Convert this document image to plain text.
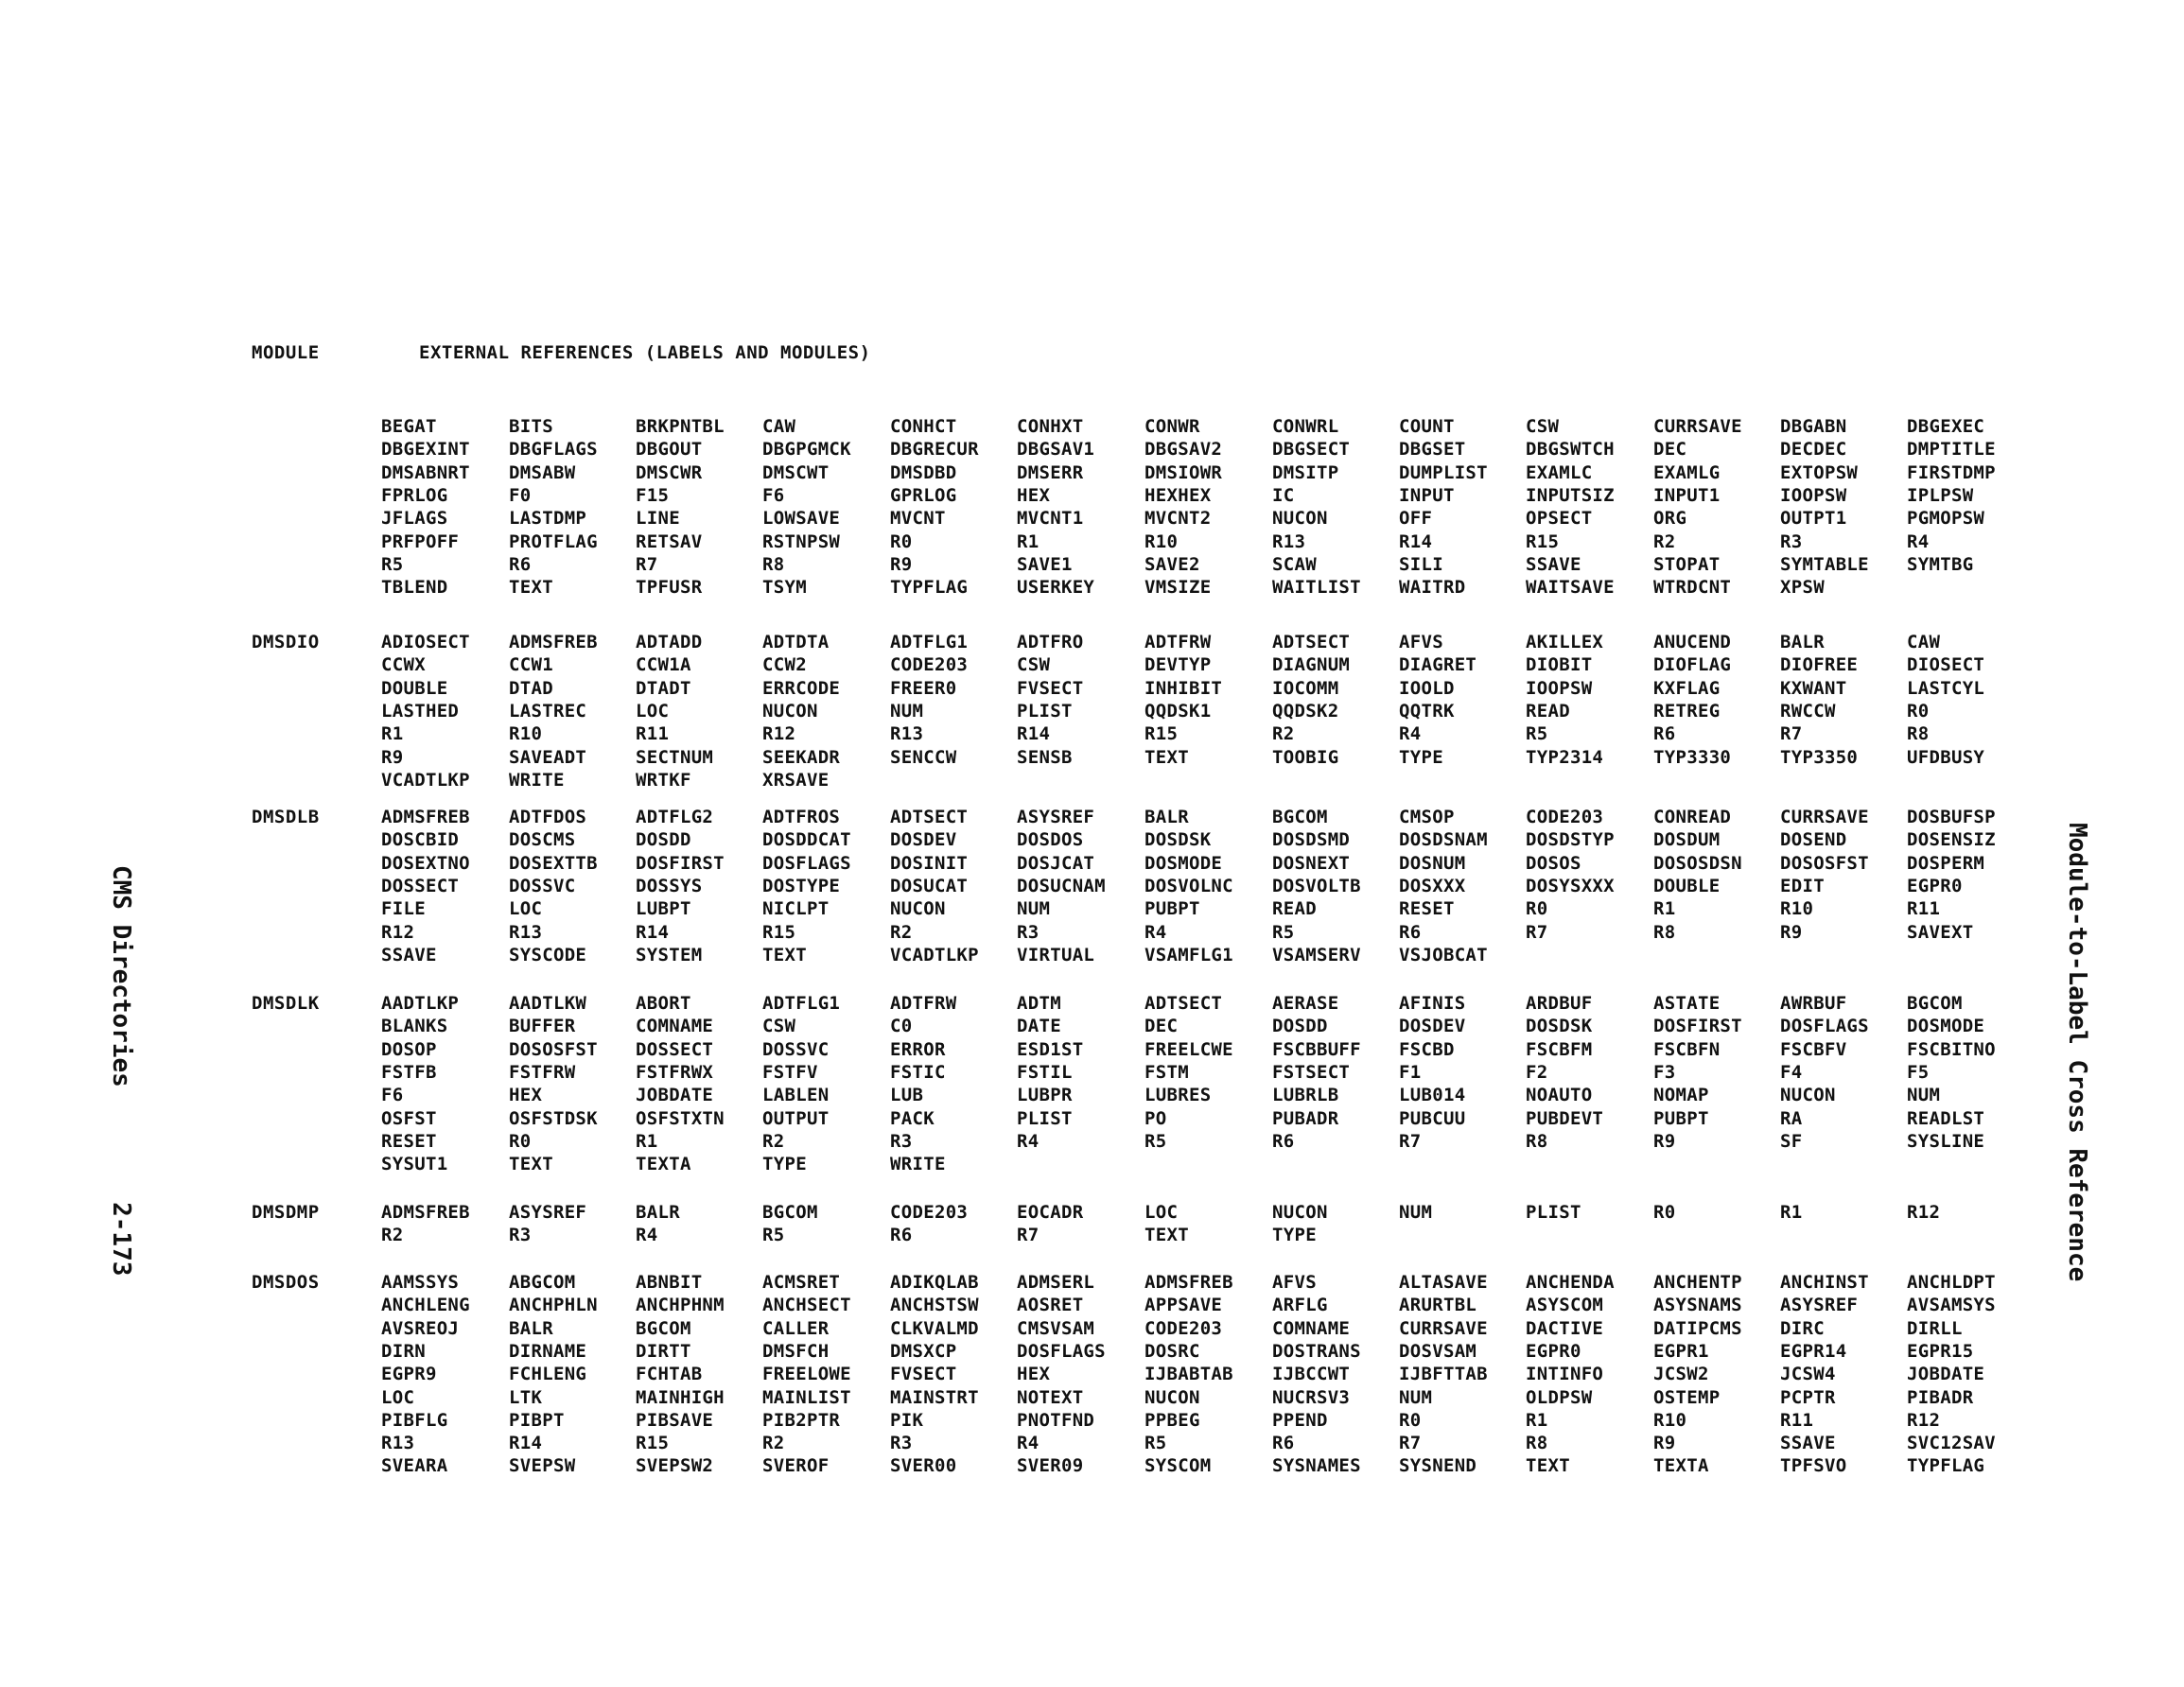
MODULE	EXTERNAL REFERENCES (LABELS AND MODULES)
BEGAT	BITS	BRKPNTBL CAW	CONHCT	CONHXT	CONWR	CONWRL	COUNT	CSW	CURRSAVE DBGABN	DBGEXEC
DBGEXINT DBGFLAGS DBGOUT	DBGPGMCK DBGRECUR DBGSAV1	DBGSAV2	DBGSECT	DBGSET	DBGSWTCH DEC	DECDEC	DMPTITLE
DMSABNRT DMSABW	DMSCWR	DMSCWT	DMSDBD	DMSERR	DMSIOWR	DMSITP	DUMPLIST EXAMLC	EXAMLG	EXTOPSW	FIRSTDMP
FPRLOG	F0	F15	F6	GPRLOG	HEX	HEXHEX	IC	INPUT	INPUTSIZ INPUT1	IOOPSW	IPLPSW
JFLAGS	LASTDMP	LINE	LOWSAVE	MVCNT	MVCNT1	MVCNT2	NUCON	OFF	OPSECT	ORG	OUTPT1	PGMOPSW
PRFPOFF	PROTFLAG RETSAV	RSTNPSW	R0	R1	R10	R13	R14	R15	R2	R3	R4
R5	R6	R7	R8	R9	SAVE1	SAVE2	SCAW	SILI	SSAVE	STOPAT	SYMTABLE SYMTBG
TBLEND	TEXT	TPFUSR	TSYM	TYPFLAG	USERKEY	VMSIZE	WAITLIST WAITRD	WAITSAVE WTRDCNT	XPSW
DMSDIO	ADIOSECT ADMSFREB ADTADD	ADTDTA	ADTFLG1	ADTFRO	ADTFRW	ADTSECT	AFVS	AKILLEX	ANUCEND	BALR	CAW
CCWX	CCW1	CCW1A	CCW2	CODE203	CSW	DEVTYP	DIAGNUM	DIAGRET	DIOBIT	DIOFLAG	DIOFREE	DIOSECT
DOUBLE	DTAD	DTADT	ERRCODE	FREER0	FVSECT	INHIBIT	IOCOMM	IOOLD	IOOPSW	KXFLAG	KXWANT	LASTCYL
LASTHED	LASTREC	LOC	NUCON	NUM	PLIST	QQDSK1	QQDSK2	QQTRK	READ	RETREG	RWCCW	R0
R1	R10	R11	R12	R13	R14	R15	R2	R4	R5	R6	R7	R8
R9	SAVEADT	SECTNUM	SEEKADR	SENCCW	SENSB	TEXT	TOOBIG	TYPE	TYP2314	TYP3330	TYP3350	UFDBUSY
VCADTLKP WRITE	WRTKF	XRSAVE
DMSDLB	ADMSFREB ADTFDOS	ADTFLG2	ADTFROS	ADTSECT	ASYSREF	BALR	BGCOM	CMSOP	CODE203	CONREAD	CURRSAVE DOSBUFSP
DOSCBID	DOSCMS	DOSDD	DOSDDCAT DOSDEV	DOSDOS	DOSDSK	DOSDSMD	DOSDSNAM DOSDSTYP DOSDUM	DOSEND	DOSENSIZ
DOSEXTNO DOSEXTTB DOSFIRST DOSFLAGS DOSINIT	DOSJCAT	DOSMODE	DOSNEXT	DOSNUM	DOSOS	DOSOSDSN DOSOSFST DOSPERM
DOSSECT	DOSSVC	DOSSYS	DOSTYPE	DOSUCAT	DOSUCNAM DOSVOLNC DOSVOLTB DOSXXX	DOSYSXXX DOUBLE	EDIT	EGPR0
FILE	LOC	LUBPT	NICLPT	NUCON	NUM	PUBPT	READ	RESET	R0	R1	R10	R11
R12	R13	R14	R15	R2	R3	R4	R5	R6	R7	R8	R9	SAVEXT
SSAVE	SYSCODE	SYSTEM	TEXT	VCADTLKP VIRTUAL	VSAMFLG1 VSAMSERV VSJOBCAT
DMSDLK	AADTLKP	AADTLKW	ABORT	ADTFLG1	ADTFRW	ADTM	ADTSECT	AERASE	AFINIS	ARDBUF	ASTATE	AWRBUF	BGCOM
BLANKS	BUFFER	COMNAME	CSW	C0	DATE	DEC	DOSDD	DOSDEV	DOSDSK	DOSFIRST DOSFLAGS DOSMODE
DOSOP	DOSOSFST DOSSECT	DOSSVC	ERROR	ESD1ST	FREELCWE FSCBBUFF FSCBD	FSCBFM	FSCBFN	FSCBFV	FSCBITNO
FSTFB	FSTFRW	FSTFRWX	FSTFV	FSTIC	FSTIL	FSTM	FSTSECT	F1	F2	F3	F4	F5
F6	HEX	JOBDATE	LABLEN	LUB	LUBPR	LUBRES	LUBRLB	LUB014	NOAUTO	NOMAP	NUCON	NUM
OSFST	OSFSTDSK OSFSTXTN OUTPUT	PACK	PLIST	PO	PUBADR	PUBCUU	PUBDEVT	PUBPT	RA	READLST
RESET	R0	R1	R2	R3	R4	R5	R6	R7	R8	R9	SF	SYSLINE
SYSUT1	TEXT	TEXTA	TYPE	WRITE
DMSDMP	ADMSFREB ASYSREF	BALR	BGCOM	CODE203	EOCADR	LOC	NUCON	NUM	PLIST	R0	R1	R12
R2	R3	R4	R5	R6	R7	TEXT	TYPE
DMSDOS	AAMSSYS	ABGCOM	ABNBIT	ACMSRET	ADIKQLAB ADMSERL	ADMSFREB AFVS	ALTASAVE ANCHENDA ANCHENTP ANCHINST ANCHLDPT
ANCHLENG ANCHPHLN ANCHPHNM ANCHSECT ANCHSTSW AOSRET	APPSAVE	ARFLG	ARURTBL	ASYSCOM	ASYSNAMS ASYSREF	AVSAMSYS
AVSREOJ	BALR	BGCOM	CALLER	CLKVALMD CMSVSAM	CODE203	COMNAME	CURRSAVE DACTIVE	DATIPCMS DIRC	DIRLL
DIRN	DIRNAME	DIRTT	DMSFCH	DMSXCP	DOSFLAGS DOSRC	DOSTRANS DOSVSAM	EGPR0	EGPR1	EGPR14	EGPR15
EGPR9	FCHLENG	FCHTAB	FREELOWE FVSECT	HEX	IJBABTAB IJBCCWT	IJBFTTAB INTINFO	JCSW2	JCSW4	JOBDATE
LOC	LTK	MAINHIGH MAINLIST MAINSTRT NOTEXT	NUCON	NUCRSV3	NUM	OLDPSW	OSTEMP	PCPTR	PIBADR
PIBFLG	PIBPT	PIBSAVE	PIB2PTR	PIK	PNOTFND	PPBEG	PPEND	R0	R1	R10	R11	R12
R13	R14	R15	R2	R3	R4	R5	R6	R7	R8	R9	SSAVE	SVC12SAV
SVEARA	SVEPSW	SVEPSW2	SVEROF	SVER00	SVER09	SYSCOM	SYSNAMES SYSNEND	TEXT	TEXTA	TPFSVO	TYPFLAG
CMS Directories  2-173	Module-to-Label Cross Reference
